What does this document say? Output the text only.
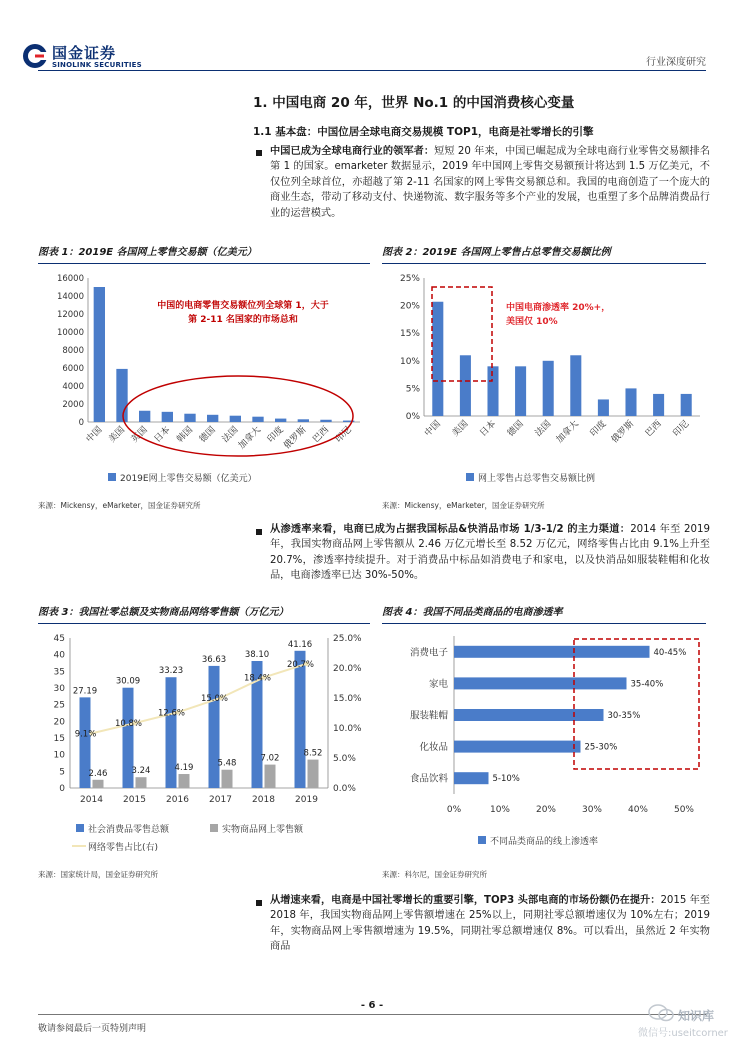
国金证券
SINOLINK SECURITIES	行业深度研究
1. 中国电商 20 年，世界 No.1 的中国消费核心变量
1.1 基本盘：中国位居全球电商交易规模 TOP1，电商是社零增长的引擎
中国已成为全球电商行业的领军者：短短 20 年来，中国已崛起成为全球电商行业零售交易额排名第 1 的国家。emarketer 数据显示，2019 年中国网上零售交易额预计将达到 1.5 万亿美元，不仅位列全球首位，亦超越了第 2-11 名国家的网上零售交易额总和。我国的电商创造了一个庞大的商业生态，带动了移动支付、快递物流、数字服务等多个产业的发展，也重塑了多个品牌消费品行业的运营模式。
图表 1：2019E 各国网上零售交易额（亿美元）
0
2000
4000
6000
8000
10000
12000
14000
16000
中国 美国 英国 日本 韩国 德国 法国
加拿大 印度
俄罗斯 巴西 印尼
中国的电商零售交易额位列全球第 1，大于
第 2-11 名国家的市场总和
2019E网上零售交易额（亿美元）
来源：Mickensy，eMarketer，国金证券研究所
图表 2：2019E 各国网上零售占总零售交易额比例
0%
5%
10%
15%
20%
25%
中国 美国 日本 德国 法国 加拿大 印度 俄罗斯 巴西 印尼
中国电商渗透率 20%+，
美国仅 10%
网上零售占总零售交易额比例
来源：Mickensy，eMarketer，国金证券研究所
从渗透率来看，电商已成为占据我国标品&快消品市场 1/3-1/2 的主力渠道：2014 年至 2019 年，我国实物商品网上零售额从 2.46 万亿元增长至 8.52 万亿元，网络零售占比由 9.1%上升至 20.7%，渗透率持续提升。对于消费品中标品如消费电子和家电，以及快消品如服装鞋帽和化妆品，电商渗透率已达 30%-50%。
图表 3：我国社零总额及实物商品网络零售额（万亿元）
0
5
10
15
20
25
30
35
40
45
0.0%
5.0%
10.0%
15.0%
20.0%
25.0%
27.19
2.46
2014
30.09
3.24
2015
33.23
4.19
2016
36.63
5.48
2017
38.10
7.02
2018
41.16
8.52
2019
9.1%
10.8%
12.6%
15.0%
18.4%
20.7%
社会消费品零售总额	实物商品网上零售额
网络零售占比(右)
来源：国家统计局，国金证券研究所
图表 4：我国不同品类商品的电商渗透率
0%	10%	20%	30%	40%	50%
消费电子	40-45%
家电	35-40%
服装鞋帽	30-35%
化妆品	25-30%
食品饮料	5-10%
不同品类商品的线上渗透率
来源：科尔尼，国金证券研究所
从增速来看，电商是中国社零增长的重要引擎，TOP3 头部电商的市场份额仍在提升：2015 年至 2018 年，我国实物商品网上零售额增速在 25%以上，同期社零总额增速仅为 10%左右；2019 年，实物商品网上零售额增速为 19.5%，同期社零总额增速仅 8%。可以看出，虽然近 2 年实物商品
- 6 -
敬请参阅最后一页特别声明
知识库
微信号:useitcorner
